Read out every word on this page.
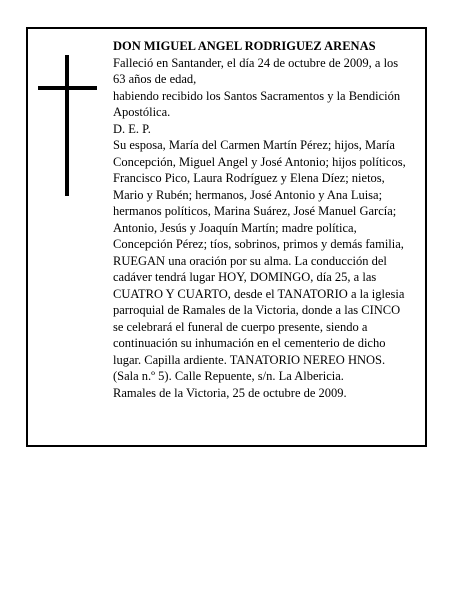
DON MIGUEL ANGEL RODRIGUEZ ARENAS

Falleció en Santander, el día 24 de octubre de 2009, a los 63 años de edad,

habiendo recibido los Santos Sacramentos y la Bendición Apostólica.

D. E. P.

Su esposa, María del Carmen Martín Pérez; hijos, María Concepción, Miguel Angel y José Antonio; hijos políticos, Francisco Pico, Laura Rodríguez y Elena Díez; nietos, Mario y Rubén; hermanos, José Antonio y Ana Luisa; hermanos políticos, Marina Suárez, José Manuel García; Antonio, Jesús y Joaquín Martín; madre política, Concepción Pérez; tíos, sobrinos, primos y demás familia,

RUEGAN una oración por su alma. La conducción del cadáver tendrá lugar HOY, DOMINGO, día 25, a las CUATRO Y CUARTO, desde el TANATORIO a la iglesia parroquial de Ramales de la Victoria, donde a las CINCO se celebrará el funeral de cuerpo presente, siendo a continuación su inhumación en el cementerio de dicho lugar. Capilla ardiente. TANATORIO NEREO HNOS. (Sala n.º 5). Calle Repuente, s/n. La Albericia.

Ramales de la Victoria, 25 de octubre de 2009.
